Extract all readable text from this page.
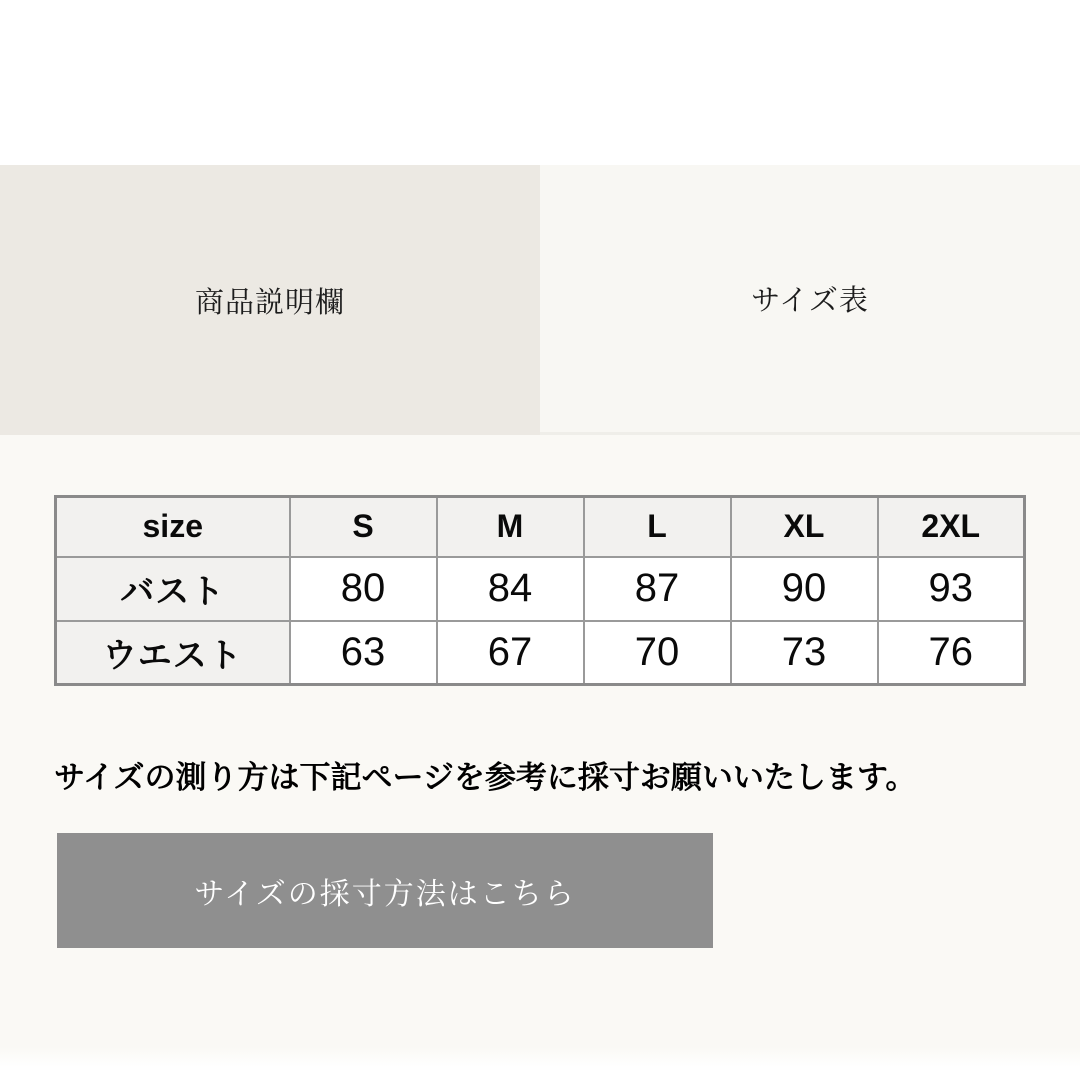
商品説明欄	サイズ表
size	S	M	L	XL	2XL
バスト	80	84	87	90	93
ウエスト	63	67	70	73	76

サイズの測り方は下記ページを参考に採寸お願いいたします。

サイズの採寸方法はこちら
